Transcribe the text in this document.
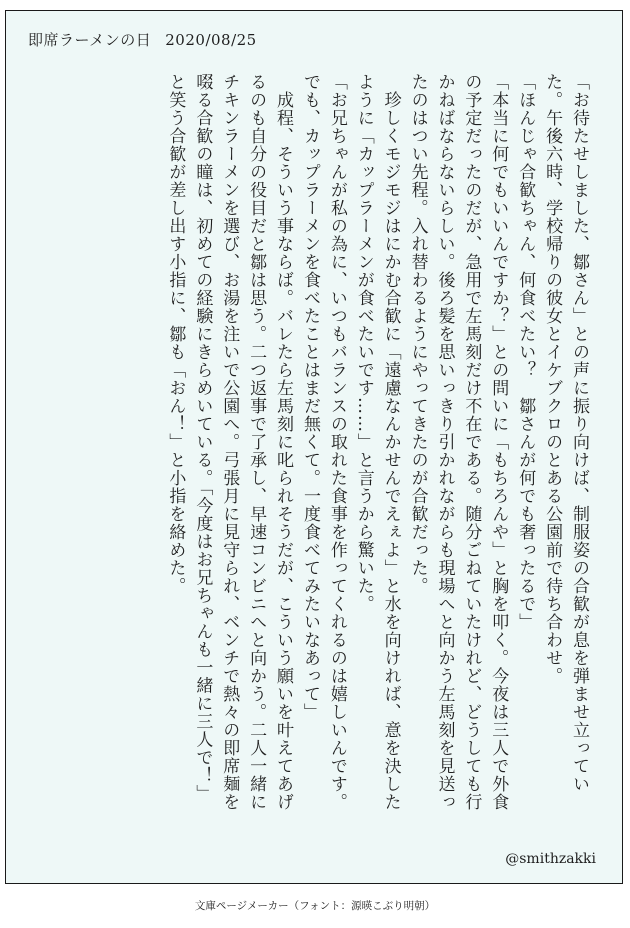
即席ラーメンの日 2020/08/25

「お待たせしました、鄒さん」との声に振り向けば、制服姿の合歓が息を弾ませ立っていた。午後六時、学校帰りの彼女とイケブクロのとある公園前で待ち合わせ。

「ほんじゃ合歓ちゃん、何食べたい？　鄒さんが何でも奢ったるで」

「本当に何でもいいんですか？」との問いに「もちろんや」と胸を叩く。今夜は三人で外食の予定だったのだが、急用で左馬刻だけ不在である。随分ごねていたけれど、どうしても行かねばならないらしい。後ろ髪を思いっきり引かれながらも現場へと向かう左馬刻を見送ったのはつい先程。入れ替わるようにやってきたのが合歓だった。

　珍しくモジモジはにかむ合歓に「遠慮なんかせんでえぇよ」と水を向ければ、意を決したように「カップラーメンが食べたいです……」と言うから驚いた。

「お兄ちゃんが私の為に、いつもバランスの取れた食事を作ってくれるのは嬉しいんです。でも、カップラーメンを食べたことはまだ無くて。一度食べてみたいなあって」

　成程、そういう事ならば。バレたら左馬刻に叱られそうだが、こういう願いを叶えてあげるのも自分の役目だと鄒は思う。二つ返事で了承し、早速コンビニへと向かう。二人一緒にチキンラーメンを選び、お湯を注いで公園へ。弓張月に見守られ、ベンチで熱々の即席麺を啜る合歓の瞳は、初めての経験にきらめいている。「今度はお兄ちゃんも一緒に三人で！」と笑う合歓が差し出す小指に、鄒も「おん！」と小指を絡めた。

@smithzakki
文庫ページメーカー（フォント：源暎こぶり明朝）
